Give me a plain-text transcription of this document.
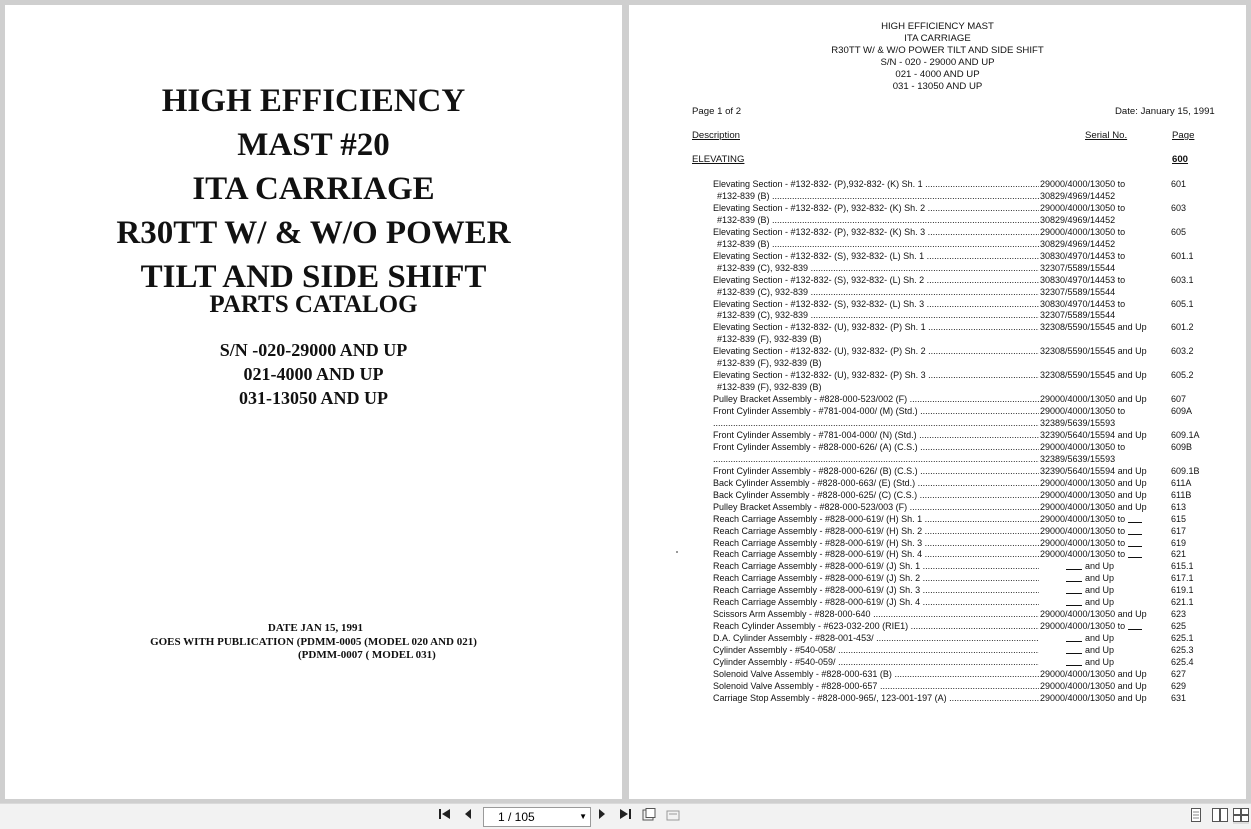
HIGH EFFICIENCY
MAST #20
ITA CARRIAGE
R30TT W/ & W/O POWER
TILT AND SIDE SHIFT
PARTS CATALOG
S/N -020-29000 AND UP
021-4000 AND UP
031-13050 AND UP
DATE JAN 15, 1991
GOES WITH PUBLICATION (PDMM-0005 (MODEL 020 AND 021)
(PDMM-0007 ( MODEL 031)
HIGH EFFICIENCY MAST
ITA CARRIAGE
R30TT W/ & W/O POWER TILT AND SIDE SHIFT
S/N - 020 - 29000 AND UP
021 - 4000 AND UP
031 - 13050 AND UP
Page 1 of 2	Date: January 15, 1991
Description	Serial No.	Page
ELEVATING	600
Elevating Section - #132-832- (P),932-832- (K) Sh. 1 .....	29000/4000/13050 to	601
#132-839 (B) .....	30829/4969/14452
Elevating Section - #132-832- (P), 932-832- (K) Sh. 2 .....	29000/4000/13050 to	603
#132-839 (B) .....	30829/4969/14452
Elevating Section - #132-832- (P), 932-832- (K) Sh. 3 .....	29000/4000/13050 to	605
#132-839 (B) .....	30829/4969/14452
Elevating Section - #132-832- (S), 932-832- (L) Sh. 1 .....	30830/4970/14453 to	601.1
#132-839 (C), 932-839 .....	32307/5589/15544
Elevating Section - #132-832- (S), 932-832- (L) Sh. 2 .....	30830/4970/14453 to	603.1
#132-839 (C), 932-839 .....	32307/5589/15544
Elevating Section - #132-832- (S), 932-832- (L) Sh. 3 .....	30830/4970/14453 to	605.1
#132-839 (C), 932-839 .....	32307/5589/15544
Elevating Section - #132-832- (U), 932-832- (P) Sh. 1 .....	32308/5590/15545 and Up	601.2
#132-839 (F), 932-839 (B)
Elevating Section - #132-832- (U), 932-832- (P) Sh. 2 .....	32308/5590/15545 and Up	603.2
#132-839 (F), 932-839 (B)
Elevating Section - #132-832- (U), 932-832- (P) Sh. 3 .....	32308/5590/15545 and Up	605.2
#132-839 (F), 932-839 (B)
Pulley Bracket Assembly - #828-000-523/002 (F) .....	29000/4000/13050 and Up	607
Front Cylinder Assembly - #781-004-000/ (M) (Std.) .....	29000/4000/13050 to	609A
.....
32389/5639/15593
Front Cylinder Assembly - #781-004-000/ (N) (Std.) .....	32390/5640/15594 and Up	609.1A
Front Cylinder Assembly - #828-000-626/ (A) (C.S.) .....	29000/4000/13050 to	609B
.....
32389/5639/15593
Front Cylinder Assembly - #828-000-626/ (B) (C.S.) .....	32390/5640/15594 and Up	609.1B
Back Cylinder Assembly - #828-000-663/ (E) (Std.) .....	29000/4000/13050 and Up	611A
Back Cylinder Assembly - #828-000-625/ (C) (C.S.) .....	29000/4000/13050 and Up	611B
Pulley Bracket Assembly - #828-000-523/003 (F) .....	29000/4000/13050 and Up	613
Reach Carriage Assembly - #828-000-619/ (H) Sh. 1 .....	29000/4000/13050 to	615
Reach Carriage Assembly - #828-000-619/ (H) Sh. 2 .....	29000/4000/13050 to	617
Reach Carriage Assembly - #828-000-619/ (H) Sh. 3 .....	29000/4000/13050 to	619
Reach Carriage Assembly - #828-000-619/ (H) Sh. 4 .....	29000/4000/13050 to	621
Reach Carriage Assembly - #828-000-619/ (J) Sh. 1 .....	and Up	615.1
Reach Carriage Assembly - #828-000-619/ (J) Sh. 2 .....	and Up	617.1
Reach Carriage Assembly - #828-000-619/ (J) Sh. 3 .....	and Up	619.1
Reach Carriage Assembly - #828-000-619/ (J) Sh. 4 .....	and Up	621.1
Scissors Arm Assembly - #828-000-640 .....	29000/4000/13050 and Up	623
Reach Cylinder Assembly - #623-032-200 (RIE1) .....	29000/4000/13050 to	625
D.A. Cylinder Assembly - #828-001-453/ .....	and Up	625.1
Cylinder Assembly - #540-058/ .....	and Up	625.3
Cylinder Assembly - #540-059/ .....	and Up	625.4
Solenoid Valve Assembly - #828-000-631 (B) .....	29000/4000/13050 and Up	627
Solenoid Valve Assembly - #828-000-657 .....	29000/4000/13050 and Up	629
Carriage Stop Assembly - #828-000-965/, 123-001-197 (A) .....	29000/4000/13050 and Up	631
1 / 105	▼
